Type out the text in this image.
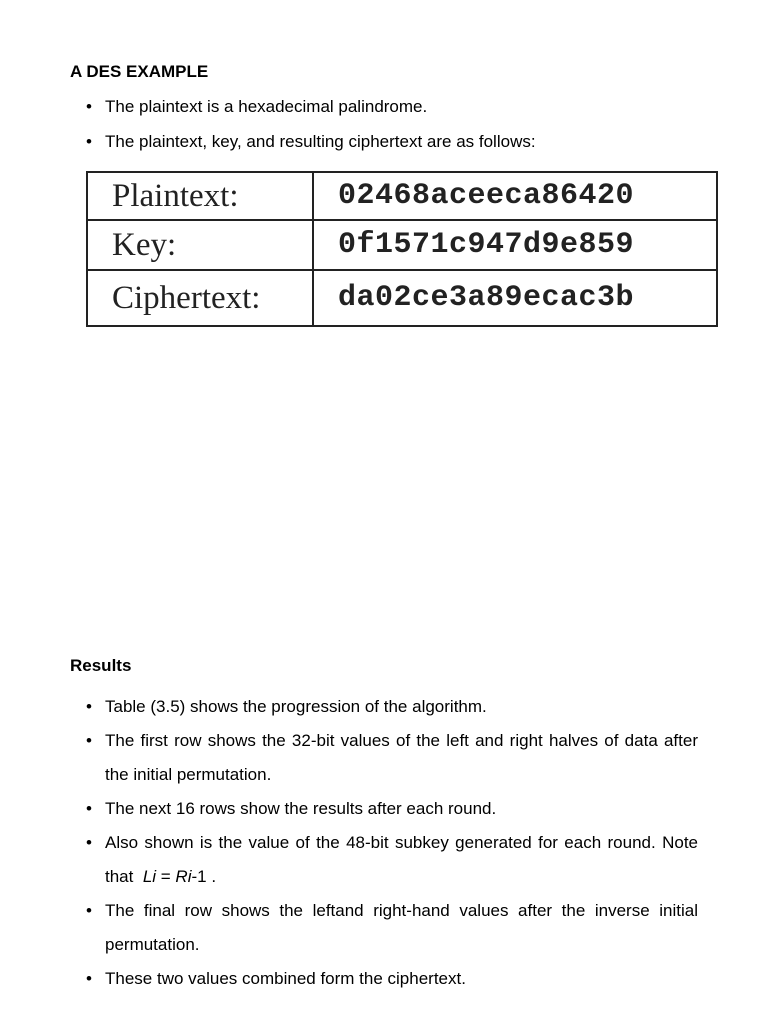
A DES EXAMPLE
• The plaintext is a hexadecimal palindrome.
• The plaintext, key, and resulting ciphertext are as follows:
Plaintext:	02468aceeca86420
Key:	0f1571c947d9e859
Ciphertext:	da02ce3a89ecac3b
Results
• Table (3.5) shows the progression of the algorithm.
• The first row shows the 32-bit values of the left and right halves of data after the initial permutation.
• The next 16 rows show the results after each round.
• Also shown is the value of the 48-bit subkey generated for each round. Note that Li = Ri-1 .
• The final row shows the leftand right-hand values after the inverse initial permutation.
• These two values combined form the ciphertext.
